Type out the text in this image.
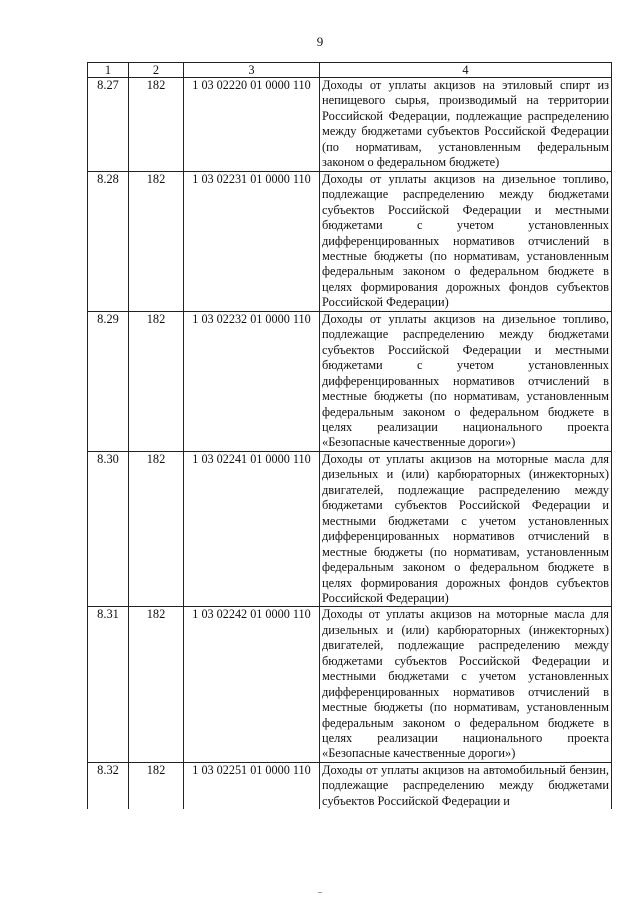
9
1	2	3	4
8.27	182	1 03 02220 01 0000 110	Доходы от уплаты акцизов на этиловый спирт из непищевого сырья, производимый на территории Российской Федерации, подлежащие распределению между бюджетами субъектов Российской Федерации (по нормативам, установленным федеральным законом о федеральном бюджете)
8.28	182	1 03 02231 01 0000 110	Доходы от уплаты акцизов на дизельное топливо, подлежащие распределению между бюджетами субъектов Российской Федерации и местными бюджетами с учетом установленных дифференцированных нормативов отчислений в местные бюджеты (по нормативам, установленным федеральным законом о федеральном бюджете в целях формирования дорожных фондов субъектов Российской Федерации)
8.29	182	1 03 02232 01 0000 110	Доходы от уплаты акцизов на дизельное топливо, подлежащие распределению между бюджетами субъектов Российской Федерации и местными бюджетами с учетом установленных дифференцированных нормативов отчислений в местные бюджеты (по нормативам, установленным федеральным законом о федеральном бюджете в целях реализации национального проекта «Безопасные качественные дороги»)
8.30	182	1 03 02241 01 0000 110	Доходы от уплаты акцизов на моторные масла для дизельных и (или) карбюраторных (инжекторных) двигателей, подлежащие распределению между бюджетами субъектов Российской Федерации и местными бюджетами с учетом установленных дифференцированных нормативов отчислений в местные бюджеты (по нормативам, установленным федеральным законом о федеральном бюджете в целях формирования дорожных фондов субъектов Российской Федерации)
8.31	182	1 03 02242 01 0000 110	Доходы от уплаты акцизов на моторные масла для дизельных и (или) карбюраторных (инжекторных) двигателей, подлежащие распределению между бюджетами субъектов Российской Федерации и местными бюджетами с учетом установленных дифференцированных нормативов отчислений в местные бюджеты (по нормативам, установленным федеральным законом о федеральном бюджете в целях реализации национального проекта «Безопасные качественные дороги»)
8.32	182	1 03 02251 01 0000 110	Доходы от уплаты акцизов на автомобильный бензин, подлежащие распределению между бюджетами субъектов Российской Федерации и
